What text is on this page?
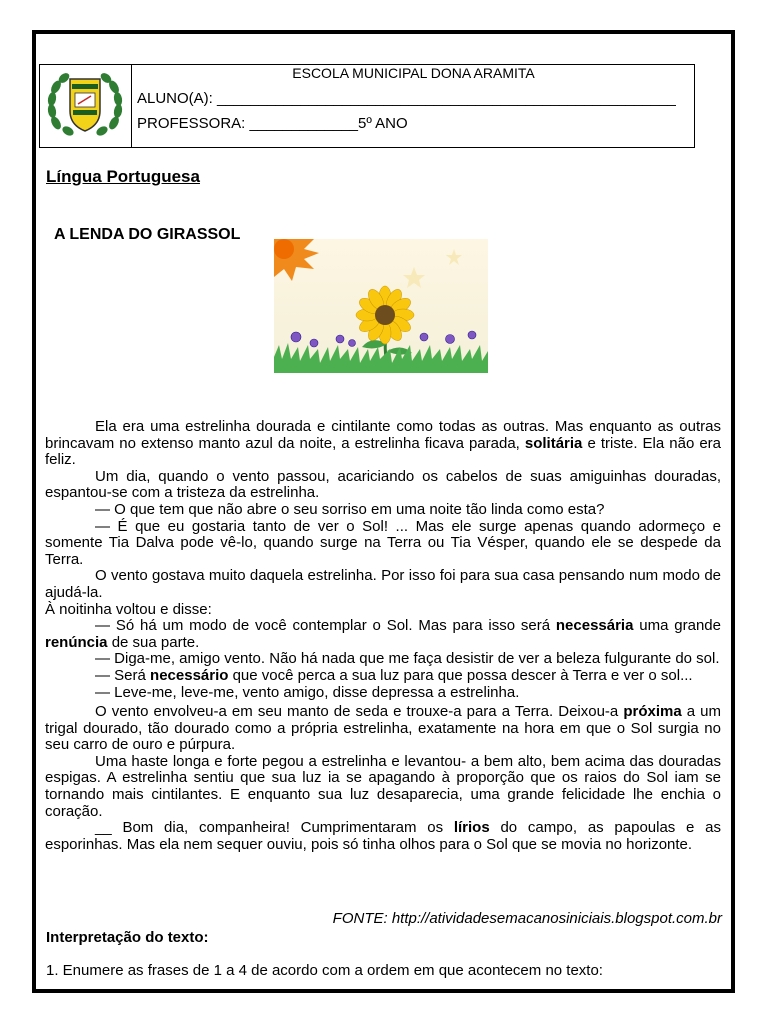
ESCOLA MUNICIPAL DONA ARAMITA
ALUNO(A): _______________________________________________________
PROFESSORA: _____________5º ANO
Língua Portuguesa
A LENDA DO GIRASSOL

Ela era uma estrelinha dourada e cintilante como todas as outras. Mas enquanto as outras brincavam no extenso manto azul da noite, a estrelinha ficava parada, solitária e triste. Ela não era feliz.

Um dia, quando o vento passou, acariciando os cabelos de suas amiguinhas douradas, espantou-se com a tristeza da estrelinha.

— O que tem que não abre o seu sorriso em uma noite tão linda como esta?

— É que eu gostaria tanto de ver o Sol! ... Mas ele surge apenas quando adormeço e somente Tia Dalva pode vê-lo, quando surge na Terra ou Tia Vésper, quando ele se despede da Terra.

O vento gostava muito daquela estrelinha. Por isso foi para sua casa pensando num modo de ajudá-la.

À noitinha voltou e disse:

— Só há um modo de você contemplar o Sol. Mas para isso será necessária uma grande renúncia de sua parte.

— Diga-me, amigo vento. Não há nada que me faça desistir de ver a beleza fulgurante do sol.

— Será necessário que você perca a sua luz para que possa descer à Terra e ver o sol...

— Leve-me, leve-me, vento amigo, disse depressa a estrelinha.

O vento envolveu-a em seu manto de seda e trouxe-a para a Terra. Deixou-a próxima a um trigal dourado, tão dourado como a própria estrelinha, exatamente na hora em que o Sol surgia no seu carro de ouro e púrpura.

Uma haste longa e forte pegou a estrelinha e levantou- a bem alto, bem acima das douradas espigas. A estrelinha sentiu que sua luz ia se apagando à proporção que os raios do Sol iam se tornando mais cintilantes. E enquanto sua luz desaparecia, uma grande felicidade lhe enchia o coração.

__ Bom dia, companheira! Cumprimentaram os lírios do campo, as papoulas e as esporinhas. Mas ela nem sequer ouviu, pois só tinha olhos para o Sol que se movia no horizonte.

FONTE: http://atividadesemacanosiniciais.blogspot.com.br
Interpretação do texto:
1. Enumere as frases de 1 a 4 de acordo com a ordem em que acontecem no texto:
